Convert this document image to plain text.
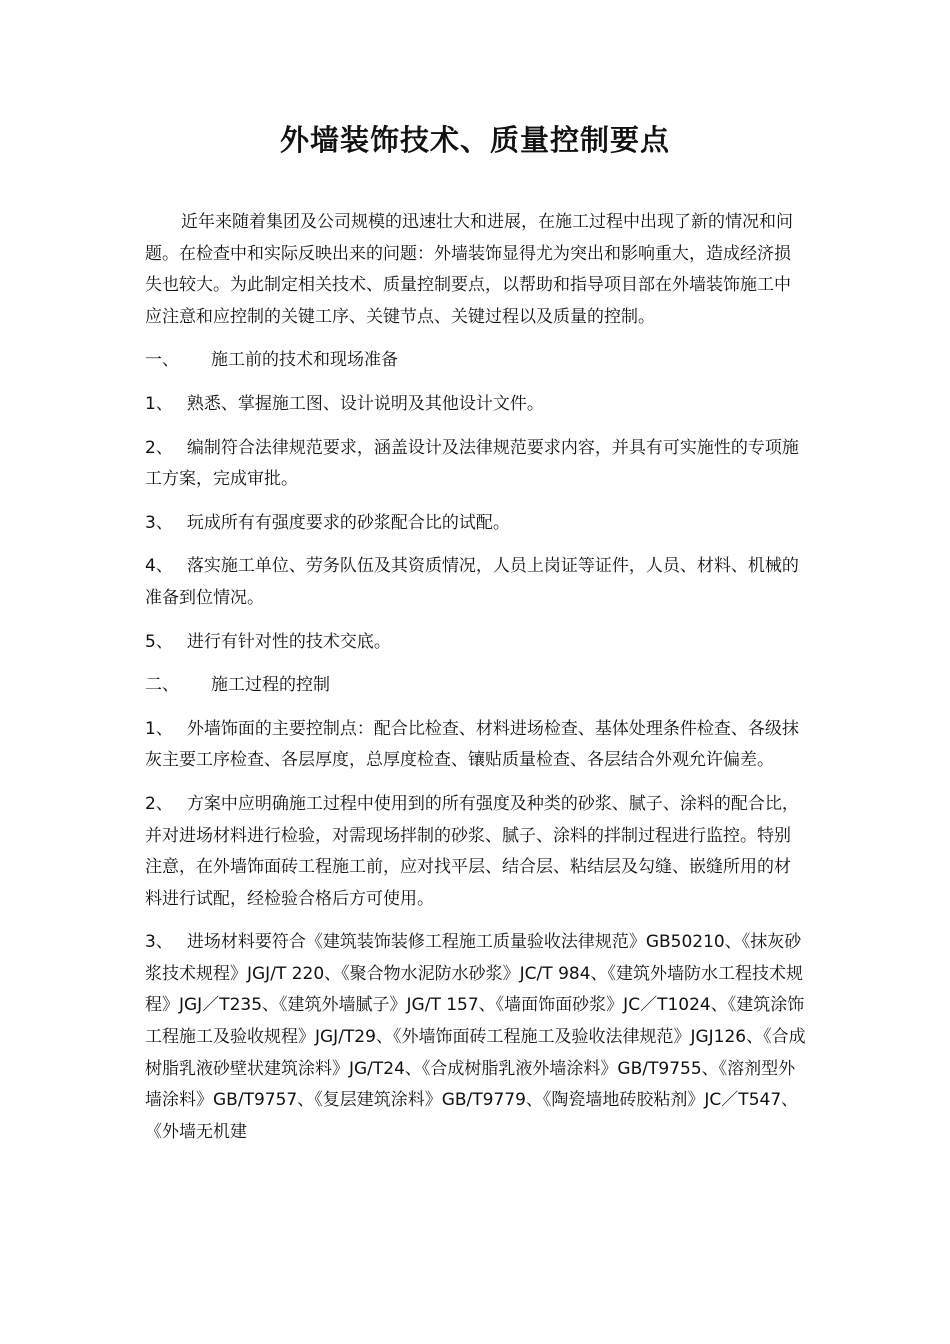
外墙装饰技术、质量控制要点

近年来随着集团及公司规模的迅速壮大和进展，在施工过程中出现了新的情况和问题。在检查中和实际反映出来的问题：外墙装饰显得尤为突出和影响重大，造成经济损失也较大。为此制定相关技术、质量控制要点，以帮助和指导项目部在外墙装饰施工中应注意和应控制的关键工序、关键节点、关键过程以及质量的控制。

一、 施工前的技术和现场准备

1、 熟悉、掌握施工图、设计说明及其他设计文件。

2、 编制符合法律规范要求，涵盖设计及法律规范要求内容，并具有可实施性的专项施工方案，完成审批。

3、 玩成所有有强度要求的砂浆配合比的试配。

4、 落实施工单位、劳务队伍及其资质情况，人员上岗证等证件，人员、材料、机械的准备到位情况。

5、 进行有针对性的技术交底。

二、 施工过程的控制

1、 外墙饰面的主要控制点：配合比检查、材料进场检查、基体处理条件检查、各级抹灰主要工序检查、各层厚度，总厚度检查、镶贴质量检查、各层结合外观允许偏差。

2、 方案中应明确施工过程中使用到的所有强度及种类的砂浆、腻子、涂料的配合比，并对进场材料进行检验，对需现场拌制的砂浆、腻子、涂料的拌制过程进行监控。特别注意，在外墙饰面砖工程施工前，应对找平层、结合层、粘结层及勾缝、嵌缝所用的材料进行试配，经检验合格后方可使用。

3、 进场材料要符合《建筑装饰装修工程施工质量验收法律规范》GB50210、《抹灰砂浆技术规程》JGJ/T 220、《聚合物水泥防水砂浆》JC/T 984、《建筑外墙防水工程技术规程》JGJ／T235、《建筑外墙腻子》JG/T 157、《墙面饰面砂浆》JC／T1024、《建筑涂饰工程施工及验收规程》JGJ/T29、《外墙饰面砖工程施工及验收法律规范》JGJ126、《合成树脂乳液砂壁状建筑涂料》JG/T24、《合成树脂乳液外墙涂料》GB/T9755、《溶剂型外墙涂料》GB/T9757、《复层建筑涂料》GB/T9779、《陶瓷墙地砖胶粘剂》JC／T547、《外墙无机建
